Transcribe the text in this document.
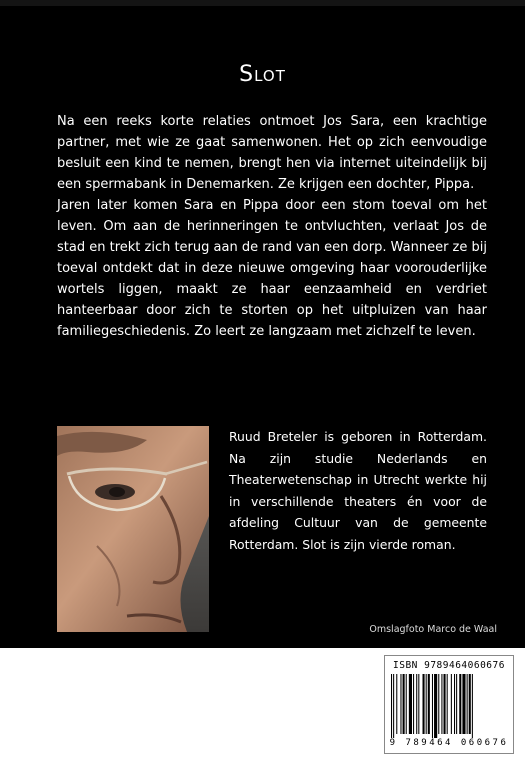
Slot

Na een reeks korte relaties ontmoet Jos Sara, een krachtige partner, met wie ze gaat samenwonen. Het op zich eenvoudige besluit een kind te nemen, brengt hen via internet uiteindelijk bij een spermabank in Denemarken. Ze krijgen een dochter, Pippa.

Jaren later komen Sara en Pippa door een stom toeval om het leven. Om aan de herinneringen te ontvluchten, verlaat Jos de stad en trekt zich terug aan de rand van een dorp. Wanneer ze bij toeval ontdekt dat in deze nieuwe omgeving haar voorouderlijke wortels liggen, maakt ze haar eenzaamheid en verdriet hanteerbaar door zich te storten op het uitpluizen van haar familiegeschiedenis. Zo leert ze langzaam met zichzelf te leven.

Ruud Breteler is geboren in Rotterdam. Na zijn studie Nederlands en Theaterwetenschap in Utrecht werkte hij in verschillende theaters én voor de afdeling Cultuur van de gemeente Rotterdam. Slot is zijn vierde roman.
Omslagfoto Marco de Waal
ISBN 9789464060676
9 789464 060676
